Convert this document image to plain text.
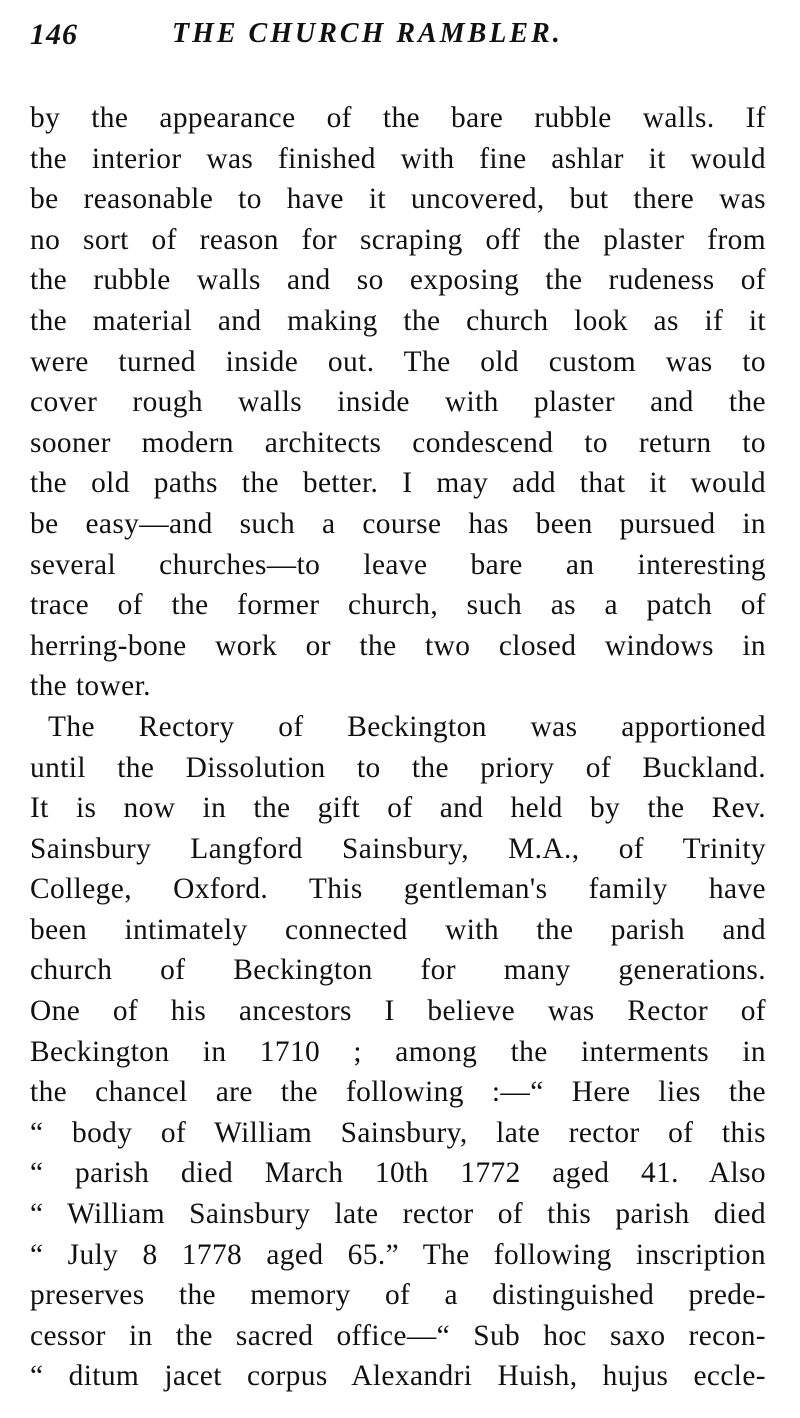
146	THE CHURCH RAMBLER.
by the appearance of the bare rubble walls. If
the interior was finished with fine ashlar it would
be reasonable to have it uncovered, but there was
no sort of reason for scraping off the plaster from
the rubble walls and so exposing the rudeness of
the material and making the church look as if it
were turned inside out. The old custom was to
cover rough walls inside with plaster and the
sooner modern architects condescend to return to
the old paths the better. I may add that it would
be easy—and such a course has been pursued in
several churches—to leave bare an interesting
trace of the former church, such as a patch of
herring-bone work or the two closed windows in
the tower.
The Rectory of Beckington was apportioned
until the Dissolution to the priory of Buckland.
It is now in the gift of and held by the Rev.
Sainsbury Langford Sainsbury, M.A., of Trinity
College, Oxford. This gentleman's family have
been intimately connected with the parish and
church of Beckington for many generations.
One of his ancestors I believe was Rector of
Beckington in 1710 ; among the interments in
the chancel are the following :—“ Here lies the
“ body of William Sainsbury, late rector of this
“ parish died March 10th 1772 aged 41. Also
“ William Sainsbury late rector of this parish died
“ July 8 1778 aged 65.” The following inscription
preserves the memory of a distinguished prede-
cessor in the sacred office—“ Sub hoc saxo recon-
“ ditum jacet corpus Alexandri Huish, hujus eccle-
